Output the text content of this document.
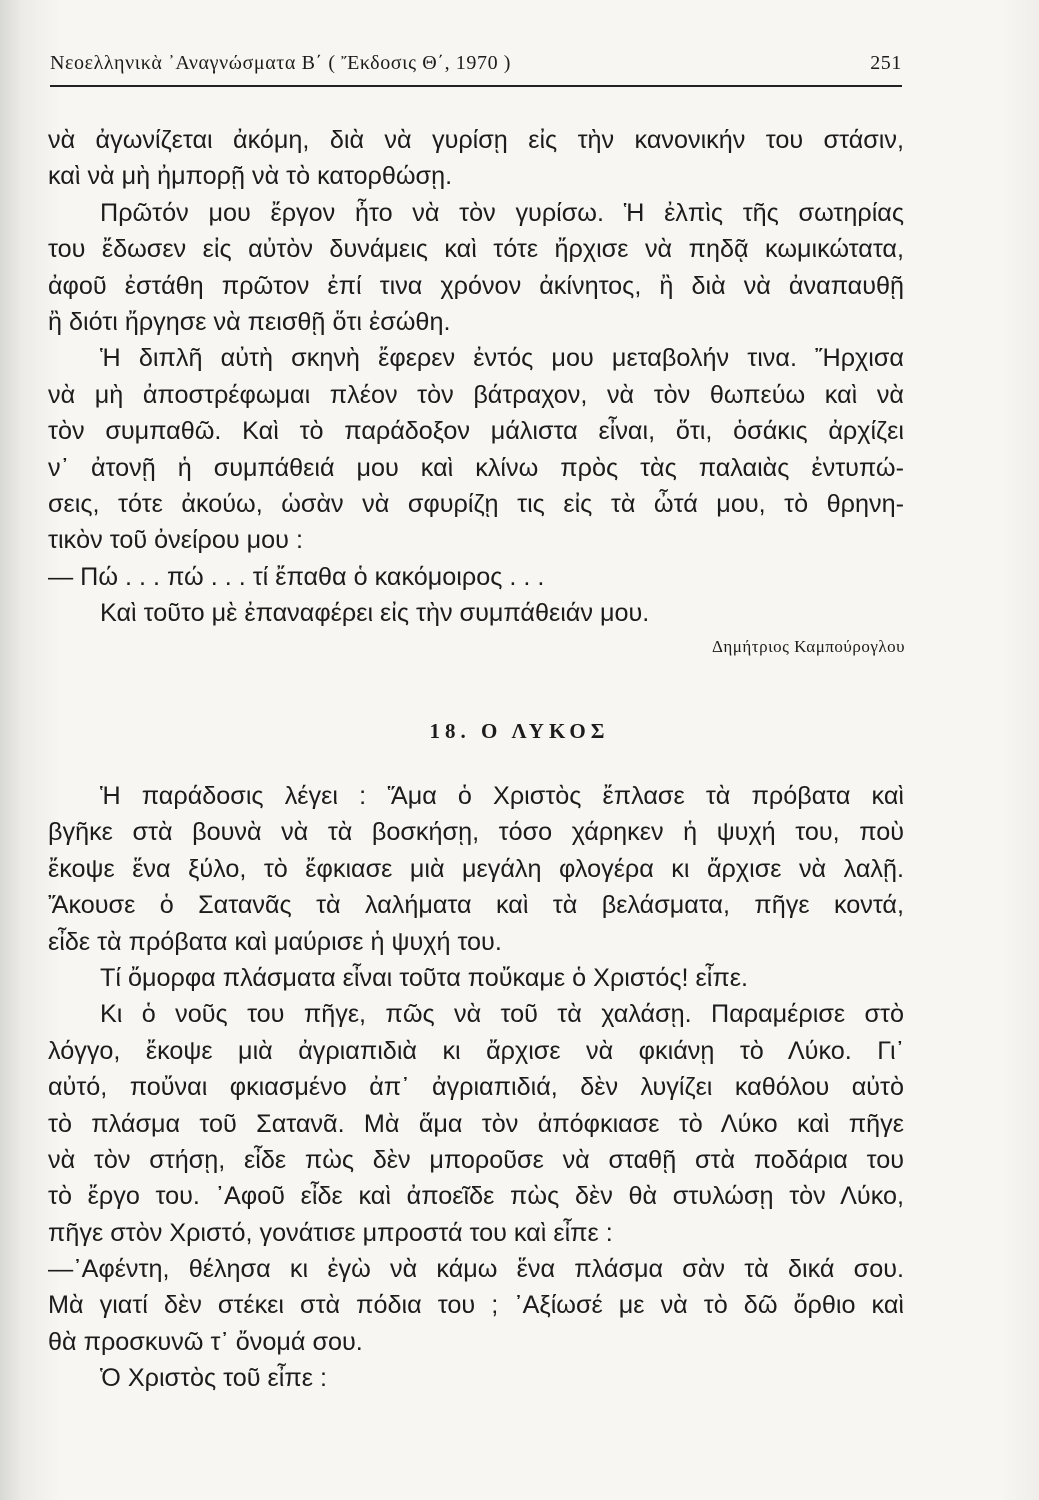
Νεοελληνικὰ ᾿Αναγνώσματα Β΄ ( Ἔκδοσις Θ΄, 1970 )	251
νὰ ἀγωνίζεται ἀκόμη, διὰ νὰ γυρίσῃ εἰς τὴν κανονικήν του στάσιν,
καὶ νὰ μὴ ἠμπορῇ νὰ τὸ κατορθώσῃ.
Πρῶτόν μου ἔργον ἦτο νὰ τὸν γυρίσω. Ἡ ἐλπὶς τῆς σωτηρίας
του ἔδωσεν εἰς αὐτὸν δυνάμεις καὶ τότε ἤρχισε νὰ πηδᾷ κωμικώτατα,
ἀφοῦ ἐστάθη πρῶτον ἐπί τινα χρόνον ἀκίνητος, ἢ διὰ νὰ ἀναπαυθῇ
ἢ διότι ἤργησε νὰ πεισθῇ ὅτι ἐσώθη.
Ἡ διπλῆ αὐτὴ σκηνὴ ἔφερεν ἐντός μου μεταβολήν τινα. Ἤρχισα
νὰ μὴ ἀποστρέφωμαι πλέον τὸν βάτραχον, νὰ τὸν θωπεύω καὶ νὰ
τὸν συμπαθῶ. Καὶ τὸ παράδοξον μάλιστα εἶναι, ὅτι, ὁσάκις ἀρχίζει
ν᾽ ἀτονῇ ἡ συμπάθειά μου καὶ κλίνω πρὸς τὰς παλαιὰς ἐντυπώ-
σεις, τότε ἀκούω, ὡσὰν νὰ σφυρίζῃ τις εἰς τὰ ὦτά μου, τὸ θρηνη-
τικὸν τοῦ ὀνείρου μου :
— Πώ . . . πώ . . . τί ἔπαθα ὁ κακόμοιρος . . .
Καὶ τοῦτο μὲ ἐπαναφέρει εἰς τὴν συμπάθειάν μου.
Δημήτριος Καμπούρογλου
18. Ο ΛΥΚΟΣ
Ἡ παράδοσις λέγει : Ἅμα ὁ Χριστὸς ἔπλασε τὰ πρόβατα καὶ
βγῆκε στὰ βουνὰ νὰ τὰ βοσκήσῃ, τόσο χάρηκεν ἡ ψυχή του, ποὺ
ἔκοψε ἕνα ξύλο, τὸ ἔφκιασε μιὰ μεγάλη φλογέρα κι ἄρχισε νὰ λαλῇ.
Ἄκουσε ὁ Σατανᾶς τὰ λαλήματα καὶ τὰ βελάσματα, πῆγε κοντά,
εἶδε τὰ πρόβατα καὶ μαύρισε ἡ ψυχή του.
Τί ὄμορφα πλάσματα εἶναι τοῦτα ποὔκαμε ὁ Χριστός! εἶπε.
Κι ὁ νοῦς του πῆγε, πῶς νὰ τοῦ τὰ χαλάσῃ. Παραμέρισε στὸ
λόγγο, ἔκοψε μιὰ ἀγριαπιδιὰ κι ἄρχισε νὰ φκιάνῃ τὸ Λύκο. Γι᾽
αὐτό, ποὔναι φκιασμένο ἀπ᾽ ἀγριαπιδιά, δὲν λυγίζει καθόλου αὐτὸ
τὸ πλάσμα τοῦ Σατανᾶ. Μὰ ἅμα τὸν ἀπόφκιασε τὸ Λύκο καὶ πῆγε
νὰ τὸν στήσῃ, εἶδε πὼς δὲν μποροῦσε νὰ σταθῇ στὰ ποδάρια του
τὸ ἔργο του. ᾿Αφοῦ εἶδε καὶ ἀποεῖδε πὼς δὲν θὰ στυλώσῃ τὸν Λύκο,
πῆγε στὸν Χριστό, γονάτισε μπροστά του καὶ εἶπε :
—᾿Αφέντη, θέλησα κι ἐγὼ νὰ κάμω ἕνα πλάσμα σὰν τὰ δικά σου.
Μὰ γιατί δὲν στέκει στὰ πόδια του ; ᾿Αξίωσέ με νὰ τὸ δῶ ὄρθιο καὶ
θὰ προσκυνῶ τ᾽ ὄνομά σου.
Ὁ Χριστὸς τοῦ εἶπε :
